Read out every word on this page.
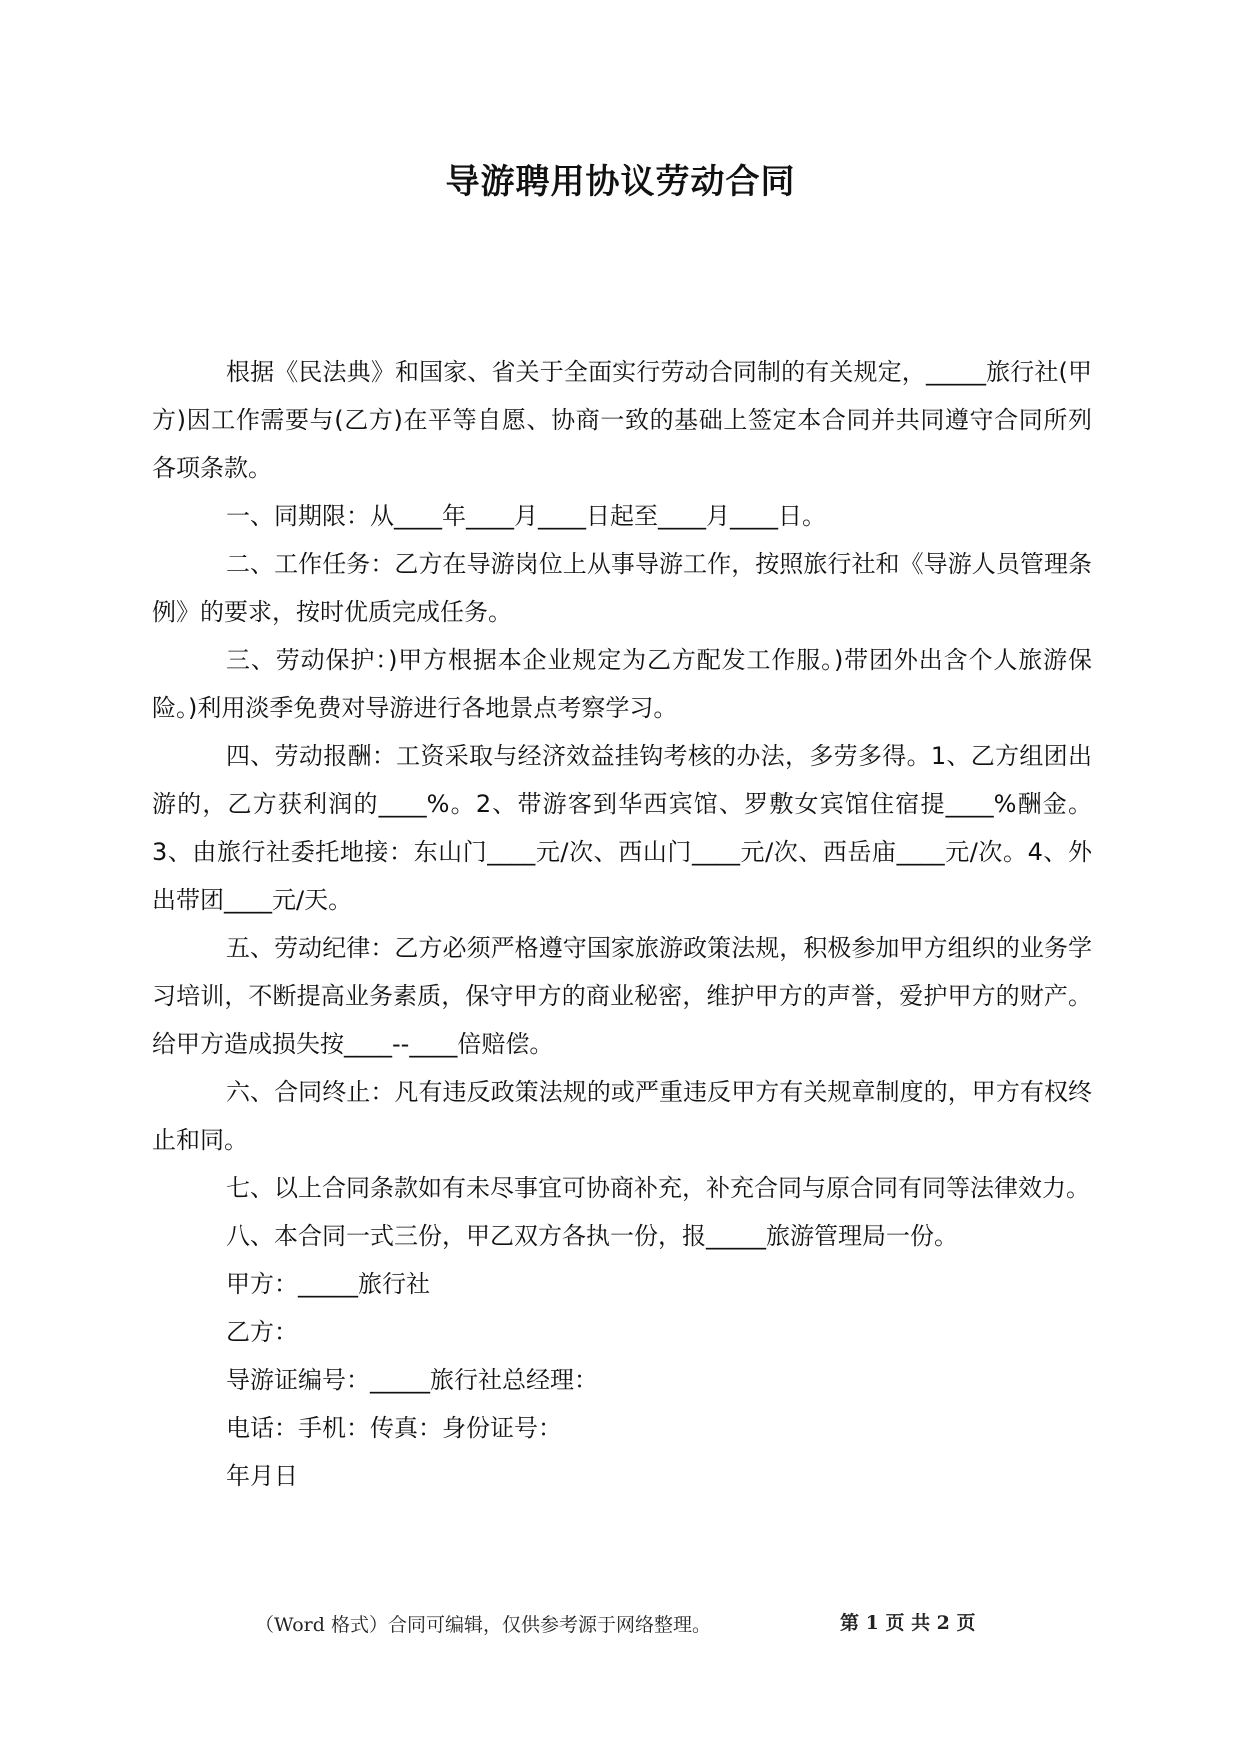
导游聘用协议劳动合同

根据《民法典》和国家、省关于全面实行劳动合同制的有关规定，_____旅行社(甲方)因工作需要与(乙方)在平等自愿、协商一致的基础上签定本合同并共同遵守合同所列各项条款。

一、同期限：从____年____月____日起至____月____日。

二、工作任务：乙方在导游岗位上从事导游工作，按照旅行社和《导游人员管理条例》的要求，按时优质完成任务。

三、劳动保护：)甲方根据本企业规定为乙方配发工作服。)带团外出含个人旅游保险。)利用淡季免费对导游进行各地景点考察学习。

四、劳动报酬：工资采取与经济效益挂钩考核的办法，多劳多得。1、乙方组团出游的，乙方获利润的____%。2、带游客到华西宾馆、罗敷女宾馆住宿提____%酬金。3、由旅行社委托地接：东山门____元/次、西山门____元/次、西岳庙____元/次。4、外出带团____元/天。

五、劳动纪律：乙方必须严格遵守国家旅游政策法规，积极参加甲方组织的业务学习培训，不断提高业务素质，保守甲方的商业秘密，维护甲方的声誉，爱护甲方的财产。给甲方造成损失按____--____倍赔偿。

六、合同终止：凡有违反政策法规的或严重违反甲方有关规章制度的，甲方有权终止和同。

七、以上合同条款如有未尽事宜可协商补充，补充合同与原合同有同等法律效力。

八、本合同一式三份，甲乙双方各执一份，报_____旅游管理局一份。

甲方：_____旅行社

乙方：

导游证编号：_____旅行社总经理：

电话：手机：传真：身份证号：

年月日

（Word 格式）合同可编辑，仅供参考源于网络整理。	第 1 页 共 2 页
